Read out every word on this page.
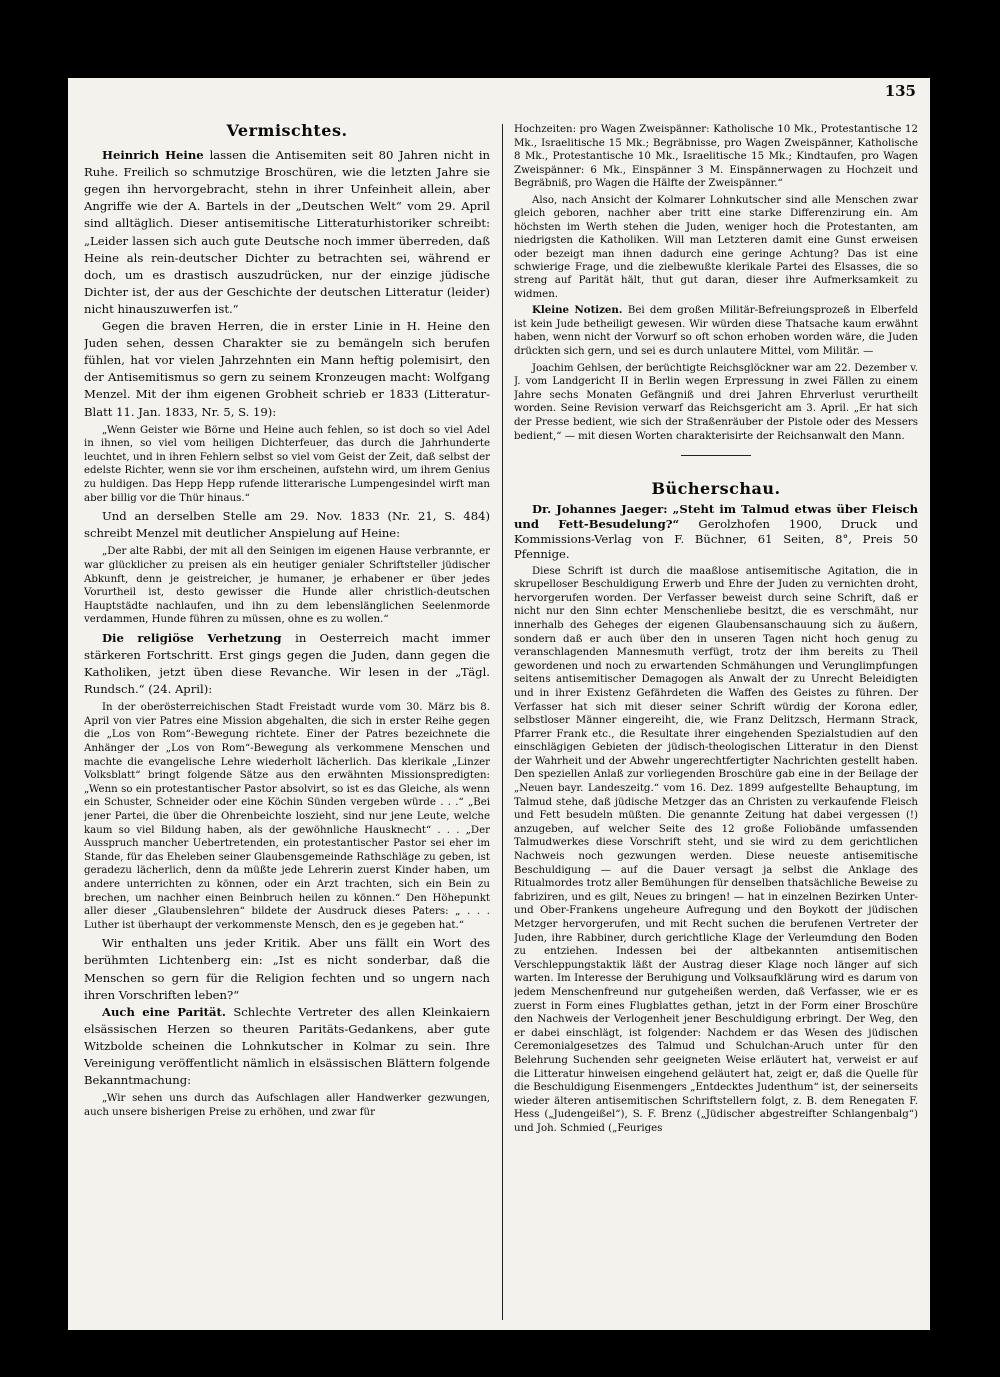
135
Vermischtes.

Heinrich Heine lassen die Antisemiten seit 80 Jahren nicht in Ruhe. Freilich so schmutzige Broschüren, wie die letzten Jahre sie gegen ihn hervorgebracht, stehn in ihrer Unfeinheit allein, aber Angriffe wie der A. Bartels in der „Deutschen Welt“ vom 29. April sind alltäglich. Dieser antisemitische Litteraturhistoriker schreibt: „Leider lassen sich auch gute Deutsche noch immer überreden, daß Heine als rein-deutscher Dichter zu betrachten sei, während er doch, um es drastisch auszudrücken, nur der einzige jüdische Dichter ist, der aus der Geschichte der deutschen Litteratur (leider) nicht hinauszuwerfen ist.“

Gegen die braven Herren, die in erster Linie in H. Heine den Juden sehen, dessen Charakter sie zu bemängeln sich berufen fühlen, hat vor vielen Jahrzehnten ein Mann heftig polemisirt, den der Antisemitismus so gern zu seinem Kronzeugen macht: Wolfgang Menzel. Mit der ihm eigenen Grobheit schrieb er 1833 (Litteratur-Blatt 11. Jan. 1833, Nr. 5, S. 19):

„Wenn Geister wie Börne und Heine auch fehlen, so ist doch so viel Adel in ihnen, so viel vom heiligen Dichterfeuer, das durch die Jahrhunderte leuchtet, und in ihren Fehlern selbst so viel vom Geist der Zeit, daß selbst der edelste Richter, wenn sie vor ihm erscheinen, aufstehn wird, um ihrem Genius zu huldigen. Das Hepp Hepp rufende litterarische Lumpengesindel wirft man aber billig vor die Thür hinaus.“

Und an derselben Stelle am 29. Nov. 1833 (Nr. 21, S. 484) schreibt Menzel mit deutlicher Anspielung auf Heine:

„Der alte Rabbi, der mit all den Seinigen im eigenen Hause verbrannte, er war glücklicher zu preisen als ein heutiger genialer Schriftsteller jüdischer Abkunft, denn je geistreicher, je humaner, je erhabener er über jedes Vorurtheil ist, desto gewisser die Hunde aller christlich-deutschen Hauptstädte nachlaufen, und ihn zu dem lebenslänglichen Seelenmorde verdammen, Hunde führen zu müssen, ohne es zu wollen.“

Die religiöse Verhetzung in Oesterreich macht immer stärkeren Fortschritt. Erst gings gegen die Juden, dann gegen die Katholiken, jetzt üben diese Revanche. Wir lesen in der „Tägl. Rundsch.“ (24. April):

In der oberösterreichischen Stadt Freistadt wurde vom 30. März bis 8. April von vier Patres eine Mission abgehalten, die sich in erster Reihe gegen die „Los von Rom“-Bewegung richtete. Einer der Patres bezeichnete die Anhänger der „Los von Rom“-Bewegung als verkommene Menschen und machte die evangelische Lehre wiederholt lächerlich. Das klerikale „Linzer Volksblatt“ bringt folgende Sätze aus den erwähnten Missionspredigten: „Wenn so ein protestantischer Pastor absolvirt, so ist es das Gleiche, als wenn ein Schuster, Schneider oder eine Köchin Sünden vergeben würde . . .“ „Bei jener Partei, die über die Ohrenbeichte loszieht, sind nur jene Leute, welche kaum so viel Bildung haben, als der gewöhnliche Hausknecht“ . . . „Der Ausspruch mancher Uebertretenden, ein protestantischer Pastor sei eher im Stande, für das Eheleben seiner Glaubensgemeinde Rathschläge zu geben, ist geradezu lächerlich, denn da müßte jede Lehrerin zuerst Kinder haben, um andere unterrichten zu können, oder ein Arzt trachten, sich ein Bein zu brechen, um nachher einen Beinbruch heilen zu können.“ Den Höhepunkt aller dieser „Glaubenslehren“ bildete der Ausdruck dieses Paters: „ . . . Luther ist überhaupt der verkommenste Mensch, den es je gegeben hat.“

Wir enthalten uns jeder Kritik. Aber uns fällt ein Wort des berühmten Lichtenberg ein: „Ist es nicht sonderbar, daß die Menschen so gern für die Religion fechten und so ungern nach ihren Vorschriften leben?“

Auch eine Parität. Schlechte Vertreter des allen Kleinkaiern elsässischen Herzen so theuren Paritäts-Gedankens, aber gute Witzbolde scheinen die Lohnkutscher in Kolmar zu sein. Ihre Vereinigung veröffentlicht nämlich in elsässischen Blättern folgende Bekanntmachung:

„Wir sehen uns durch das Aufschlagen aller Handwerker gezwungen, auch unsere bisherigen Preise zu erhöhen, und zwar für

Hochzeiten: pro Wagen Zweispänner: Katholische 10 Mk., Protestantische 12 Mk., Israelitische 15 Mk.; Begräbnisse, pro Wagen Zweispänner, Katholische 8 Mk., Protestantische 10 Mk., Israelitische 15 Mk.; Kindtaufen, pro Wagen Zweispänner: 6 Mk., Einspänner 3 M. Einspännerwagen zu Hochzeit und Begräbniß, pro Wagen die Hälfte der Zweispänner.“

Also, nach Ansicht der Kolmarer Lohnkutscher sind alle Menschen zwar gleich geboren, nachher aber tritt eine starke Differenzirung ein. Am höchsten im Werth stehen die Juden, weniger hoch die Protestanten, am niedrigsten die Katholiken. Will man Letzteren damit eine Gunst erweisen oder bezeigt man ihnen dadurch eine geringe Achtung? Das ist eine schwierige Frage, und die zielbewußte klerikale Partei des Elsasses, die so streng auf Parität hält, thut gut daran, dieser ihre Aufmerksamkeit zu widmen.

Kleine Notizen. Bei dem großen Militär-Befreiungsprozeß in Elberfeld ist kein Jude betheiligt gewesen. Wir würden diese Thatsache kaum erwähnt haben, wenn nicht der Vorwurf so oft schon erhoben worden wäre, die Juden drückten sich gern, und sei es durch unlautere Mittel, vom Militär. —

Joachim Gehlsen, der berüchtigte Reichsglöckner war am 22. Dezember v. J. vom Landgericht II in Berlin wegen Erpressung in zwei Fällen zu einem Jahre sechs Monaten Gefängniß und drei Jahren Ehrverlust verurtheilt worden. Seine Revision verwarf das Reichsgericht am 3. April. „Er hat sich der Presse bedient, wie sich der Straßenräuber der Pistole oder des Messers bedient,“ — mit diesen Worten charakterisirte der Reichsanwalt den Mann.

Bücherschau.

Dr. Johannes Jaeger: „Steht im Talmud etwas über Fleisch und Fett-Besudelung?“ Gerolzhofen 1900, Druck und Kommissions-Verlag von F. Büchner, 61 Seiten, 8°, Preis 50 Pfennige.

Diese Schrift ist durch die maaßlose antisemitische Agitation, die in skrupelloser Beschuldigung Erwerb und Ehre der Juden zu vernichten droht, hervorgerufen worden. Der Verfasser beweist durch seine Schrift, daß er nicht nur den Sinn echter Menschenliebe besitzt, die es verschmäht, nur innerhalb des Geheges der eigenen Glaubensanschauung sich zu äußern, sondern daß er auch über den in unseren Tagen nicht hoch genug zu veranschlagenden Mannesmuth verfügt, trotz der ihm bereits zu Theil gewordenen und noch zu erwartenden Schmähungen und Verunglimpfungen seitens antisemitischer Demagogen als Anwalt der zu Unrecht Beleidigten und in ihrer Existenz Gefährdeten die Waffen des Geistes zu führen. Der Verfasser hat sich mit dieser seiner Schrift würdig der Korona edler, selbstloser Männer eingereiht, die, wie Franz Delitzsch, Hermann Strack, Pfarrer Frank etc., die Resultate ihrer eingehenden Spezialstudien auf den einschlägigen Gebieten der jüdisch-theologischen Litteratur in den Dienst der Wahrheit und der Abwehr ungerechtfertigter Nachrichten gestellt haben. Den speziellen Anlaß zur vorliegenden Broschüre gab eine in der Beilage der „Neuen bayr. Landeszeitg.“ vom 16. Dez. 1899 aufgestellte Behauptung, im Talmud stehe, daß jüdische Metzger das an Christen zu verkaufende Fleisch und Fett besudeln müßten. Die genannte Zeitung hat dabei vergessen (!) anzugeben, auf welcher Seite des 12 große Foliobände umfassenden Talmudwerkes diese Vorschrift steht, und sie wird zu dem gerichtlichen Nachweis noch gezwungen werden. Diese neueste antisemitische Beschuldigung — auf die Dauer versagt ja selbst die Anklage des Ritualmordes trotz aller Bemühungen für denselben thatsächliche Beweise zu fabriziren, und es gilt, Neues zu bringen! — hat in einzelnen Bezirken Unter- und Ober-Frankens ungeheure Aufregung und den Boykott der jüdischen Metzger hervorgerufen, und mit Recht suchen die berufenen Vertreter der Juden, ihre Rabbiner, durch gerichtliche Klage der Verleumdung den Boden zu entziehen. Indessen bei der altbekannten antisemitischen Verschleppungstaktik läßt der Austrag dieser Klage noch länger auf sich warten. Im Interesse der Beruhigung und Volksaufklärung wird es darum von jedem Menschenfreund nur gutgeheißen werden, daß Verfasser, wie er es zuerst in Form eines Flugblattes gethan, jetzt in der Form einer Broschüre den Nachweis der Verlogenheit jener Beschuldigung erbringt. Der Weg, den er dabei einschlägt, ist folgender: Nachdem er das Wesen des jüdischen Ceremonialgesetzes des Talmud und Schulchan-Aruch unter für den Belehrung Suchenden sehr geeigneten Weise erläutert hat, verweist er auf die Litteratur hinweisen eingehend geläutert hat, zeigt er, daß die Quelle für die Beschuldigung Eisenmengers „Entdecktes Judenthum“ ist, der seinerseits wieder älteren antisemitischen Schriftstellern folgt, z. B. dem Renegaten F. Hess („Judengeißel“), S. F. Brenz („Jüdischer abgestreifter Schlangenbalg“) und Joh. Schmied („Feuriges
